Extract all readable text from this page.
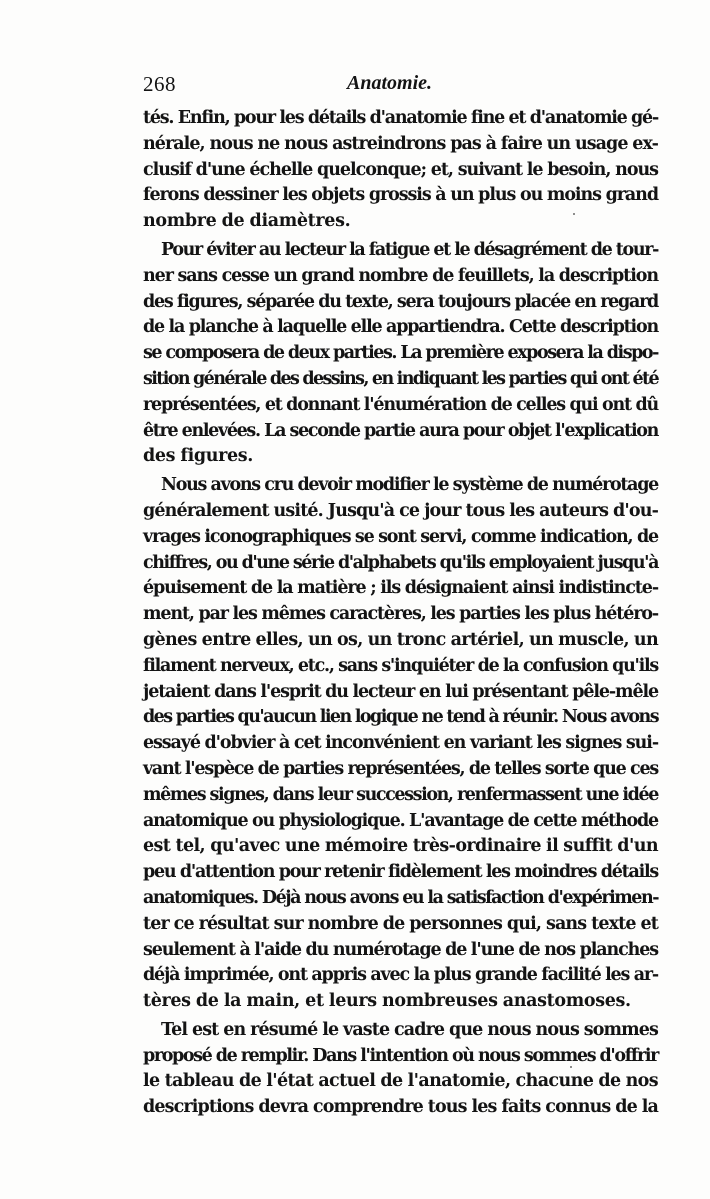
268	Anatomie.
tés. Enfin, pour les détails d'anatomie fine et d'anatomie gé-
nérale, nous ne nous astreindrons pas à faire un usage ex-
clusif d'une échelle quelconque; et, suivant le besoin, nous
ferons dessiner les objets grossis à un plus ou moins grand
nombre de diamètres.
Pour éviter au lecteur la fatigue et le désagrément de tour-
ner sans cesse un grand nombre de feuillets, la description
des figures, séparée du texte, sera toujours placée en regard
de la planche à laquelle elle appartiendra. Cette description
se composera de deux parties. La première exposera la dispo-
sition générale des dessins, en indiquant les parties qui ont été
représentées, et donnant l'énumération de celles qui ont dû
être enlevées. La seconde partie aura pour objet l'explication
des figures.
Nous avons cru devoir modifier le système de numérotage
généralement usité. Jusqu'à ce jour tous les auteurs d'ou-
vrages iconographiques se sont servi, comme indication, de
chiffres, ou d'une série d'alphabets qu'ils employaient jusqu'à
épuisement de la matière ; ils désignaient ainsi indistincte-
ment, par les mêmes caractères, les parties les plus hétéro-
gènes entre elles, un os, un tronc artériel, un muscle, un
filament nerveux, etc., sans s'inquiéter de la confusion qu'ils
jetaient dans l'esprit du lecteur en lui présentant pêle-mêle
des parties qu'aucun lien logique ne tend à réunir. Nous avons
essayé d'obvier à cet inconvénient en variant les signes sui-
vant l'espèce de parties représentées, de telles sorte que ces
mêmes signes, dans leur succession, renfermassent une idée
anatomique ou physiologique. L'avantage de cette méthode
est tel, qu'avec une mémoire très-ordinaire il suffit d'un
peu d'attention pour retenir fidèlement les moindres détails
anatomiques. Déjà nous avons eu la satisfaction d'expérimen-
ter ce résultat sur nombre de personnes qui, sans texte et
seulement à l'aide du numérotage de l'une de nos planches
déjà imprimée, ont appris avec la plus grande facilité les ar-
tères de la main, et leurs nombreuses anastomoses.
Tel est en résumé le vaste cadre que nous nous sommes
proposé de remplir. Dans l'intention où nous sommes d'offrir
le tableau de l'état actuel de l'anatomie, chacune de nos
descriptions devra comprendre tous les faits connus de la
